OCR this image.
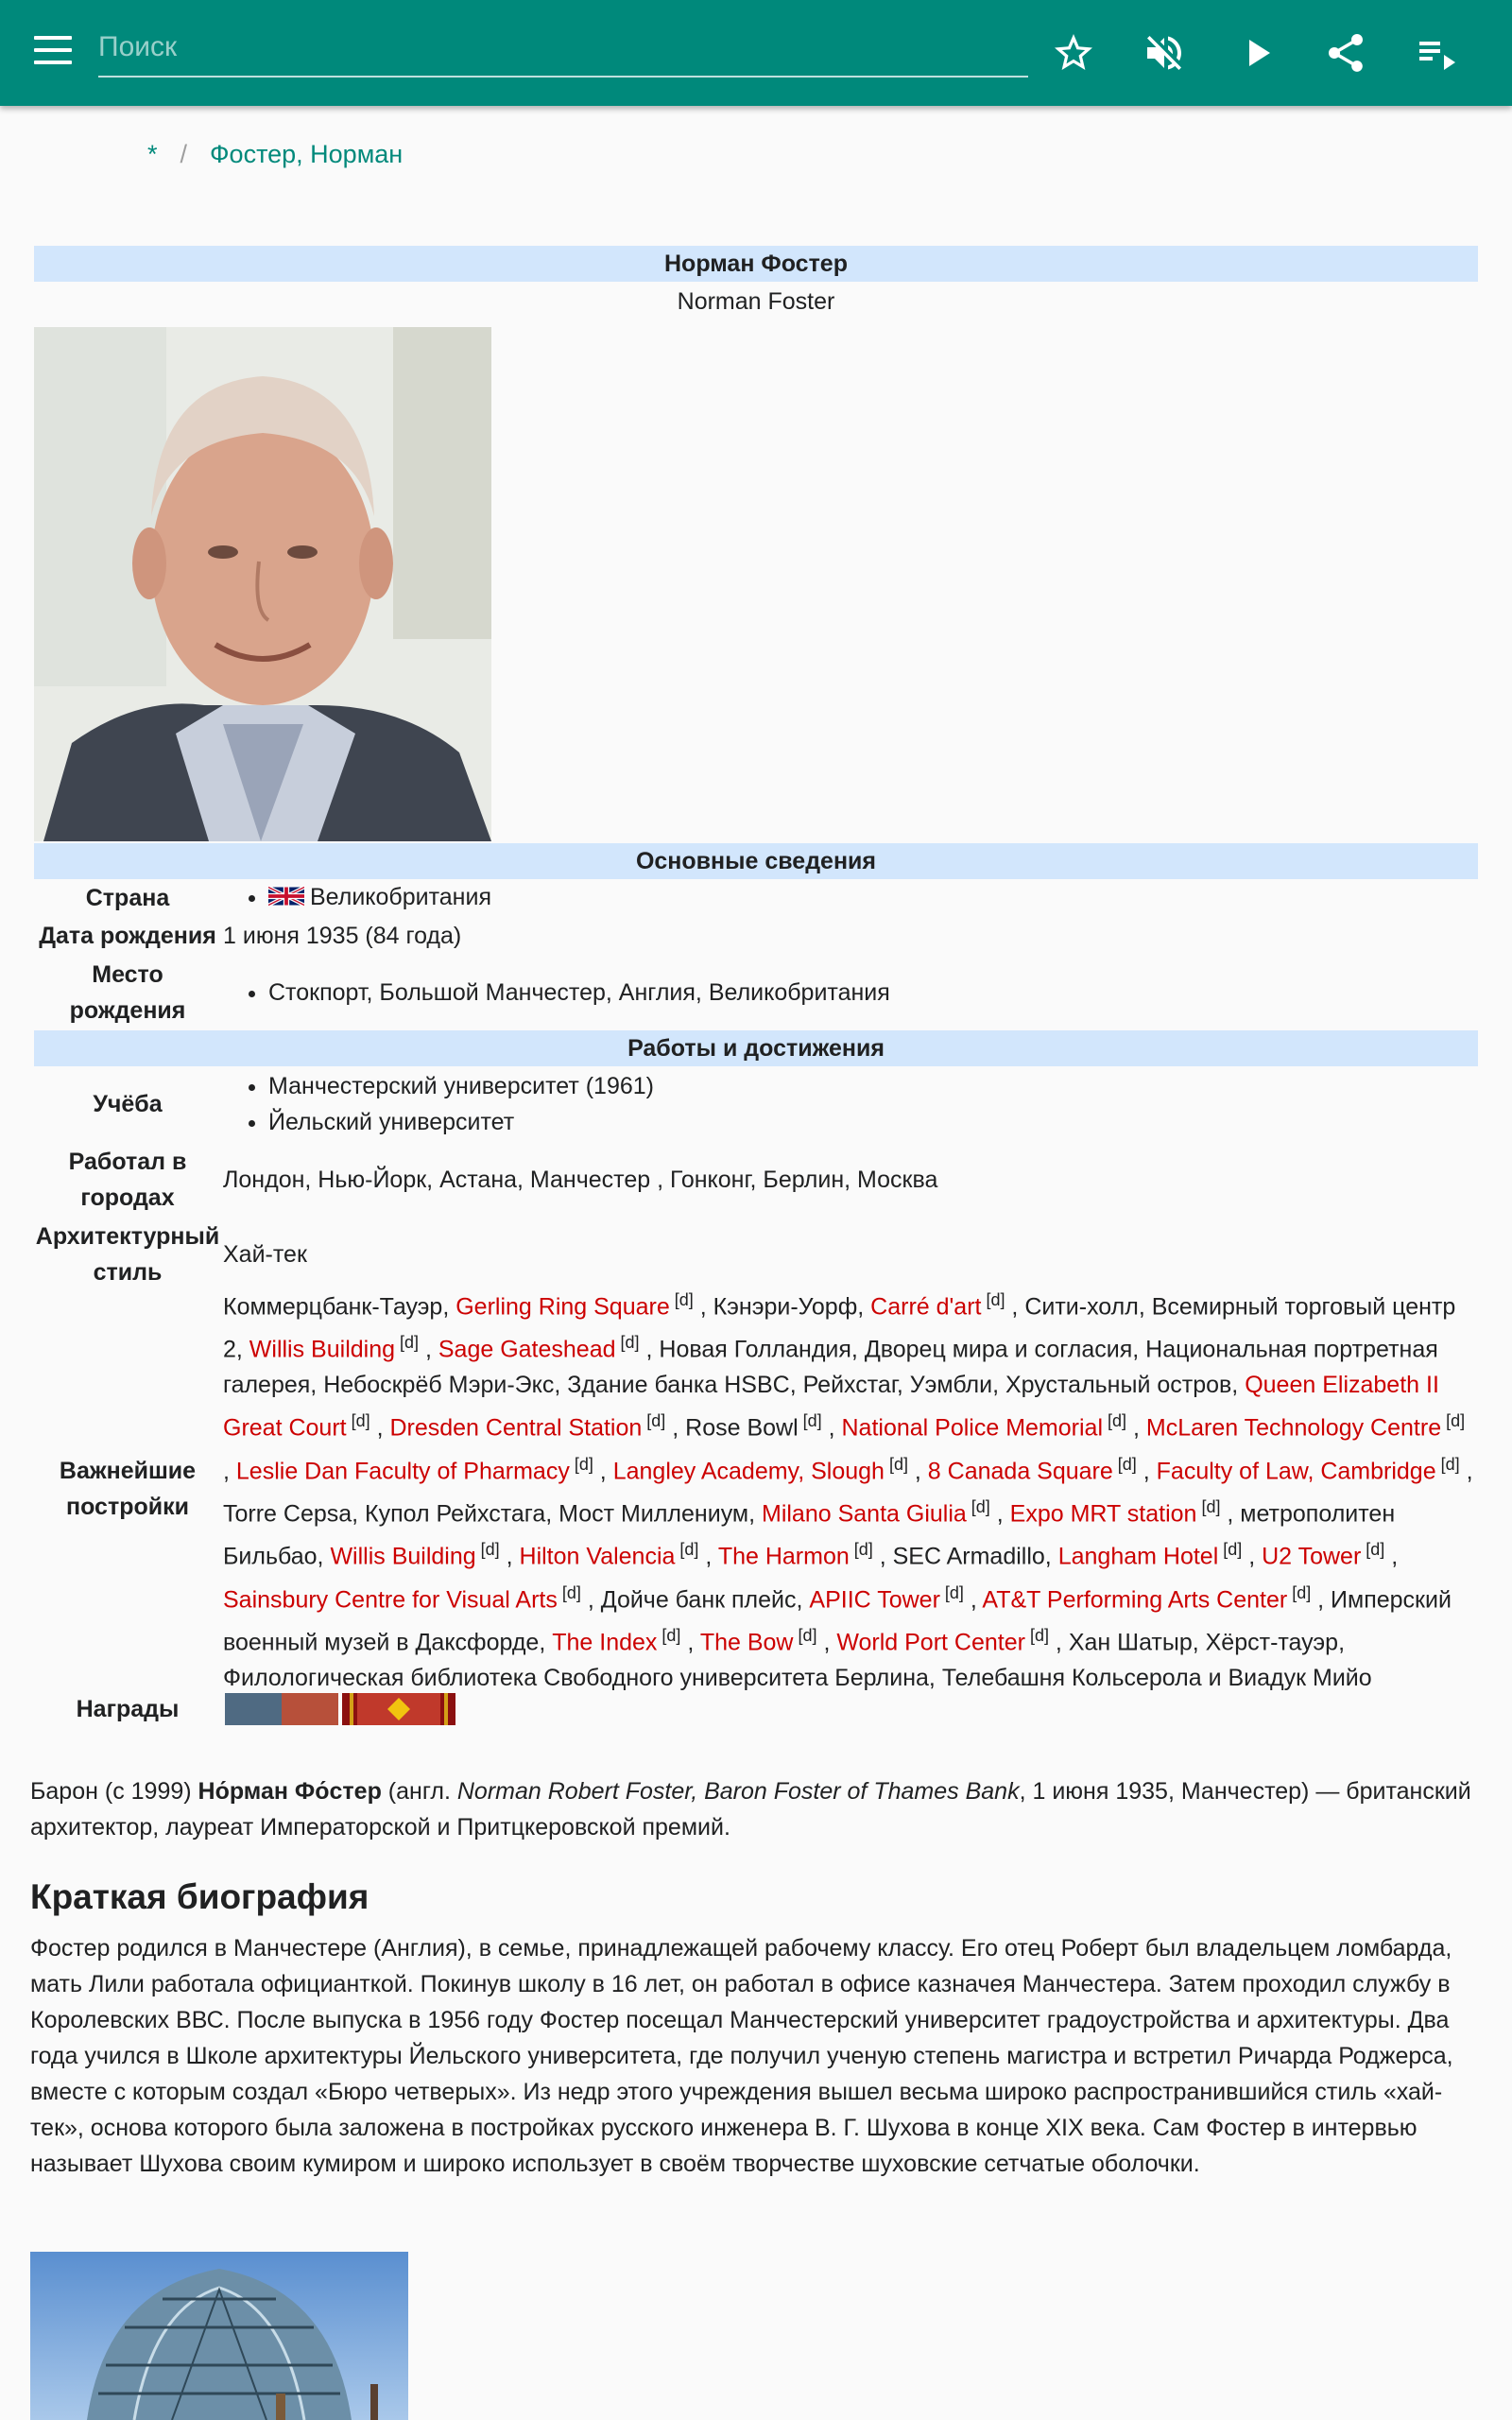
Поиск
* / Фостер, Норман
Норман Фостер
Norman Foster
Основные сведения
Страна
•	Великобритания
Дата рождения 1 июня 1935 (84 года)
Место рождения
• Стокпорт, Большой Манчестер, Англия, Великобритания
Работы и достижения
Учёба
• Манчестерский университет (1961)
• Йельский университет
Работал в городах
Лондон, Нью-Йорк, Астана, Манчестер , Гонконг, Берлин, Москва
Архитектурный стиль
Хай-тек
Важнейшие постройки
Коммерцбанк-Тауэр, Gerling Ring Square [d] , Кэнэри-Уорф, Carré d'art [d] , Сити-холл, Всемирный торговый центр 2, Willis Building [d] , Sage Gateshead [d] , Новая Голландия, Дворец мира и согласия, Национальная портретная галерея, Небоскрёб Мэри-Экс, Здание банка HSBC, Рейхстаг, Уэмбли, Хрустальный остров, Queen Elizabeth II Great Court [d] , Dresden Central Station [d] , Rose Bowl [d] , National Police Memorial [d] , McLaren Technology Centre [d] , Leslie Dan Faculty of Pharmacy [d] , Langley Academy, Slough [d] , 8 Canada Square [d] , Faculty of Law, Cambridge [d] , Torre Cepsa, Купол Рейхстага, Мост Миллениум, Milano Santa Giulia [d] , Expo MRT station [d] , метрополитен Бильбао, Willis Building [d] , Hilton Valencia [d] , The Harmon [d] , SEC Armadillo, Langham Hotel [d] , U2 Tower [d] , Sainsbury Centre for Visual Arts [d] , Дойче банк плейс, APIIC Tower [d] , AT&T Performing Arts Center [d] , Имперский военный музей в Даксфорде, The Index [d] , The Bow [d] , World Port Center [d] , Хан Шатыр, Хёрст-тауэр, Филологическая библиотека Свободного университета Берлина, Телебашня Кольсерола и Виадук Мийо
Награды
Барон (с 1999) Но́рман Фо́стер (англ. Norman Robert Foster, Baron Foster of Thames Bank, 1 июня 1935, Манчестер) — британский архитектор, лауреат Императорской и Притцкеровской премий.
Краткая биография
Фостер родился в Манчестере (Англия), в семье, принадлежащей рабочему классу. Его отец Роберт был владельцем ломбарда, мать Лили работала официанткой. Покинув школу в 16 лет, он работал в офисе казначея Манчестера. Затем проходил службу в Королевских ВВС. После выпуска в 1956 году Фостер посещал Манчестерский университет градоустройства и архитектуры. Два года учился в Школе архитектуры Йельского университета, где получил ученую степень магистра и встретил Ричарда Роджерса, вместе с которым создал «Бюро четверых». Из недр этого учреждения вышел весьма широко распространившийся стиль «хай-тек», основа которого была заложена в постройках русского инженера В. Г. Шухова в конце XIX века. Сам Фостер в интервью называет Шухова своим кумиром и широко использует в своём творчестве шуховские сетчатые оболочки.
